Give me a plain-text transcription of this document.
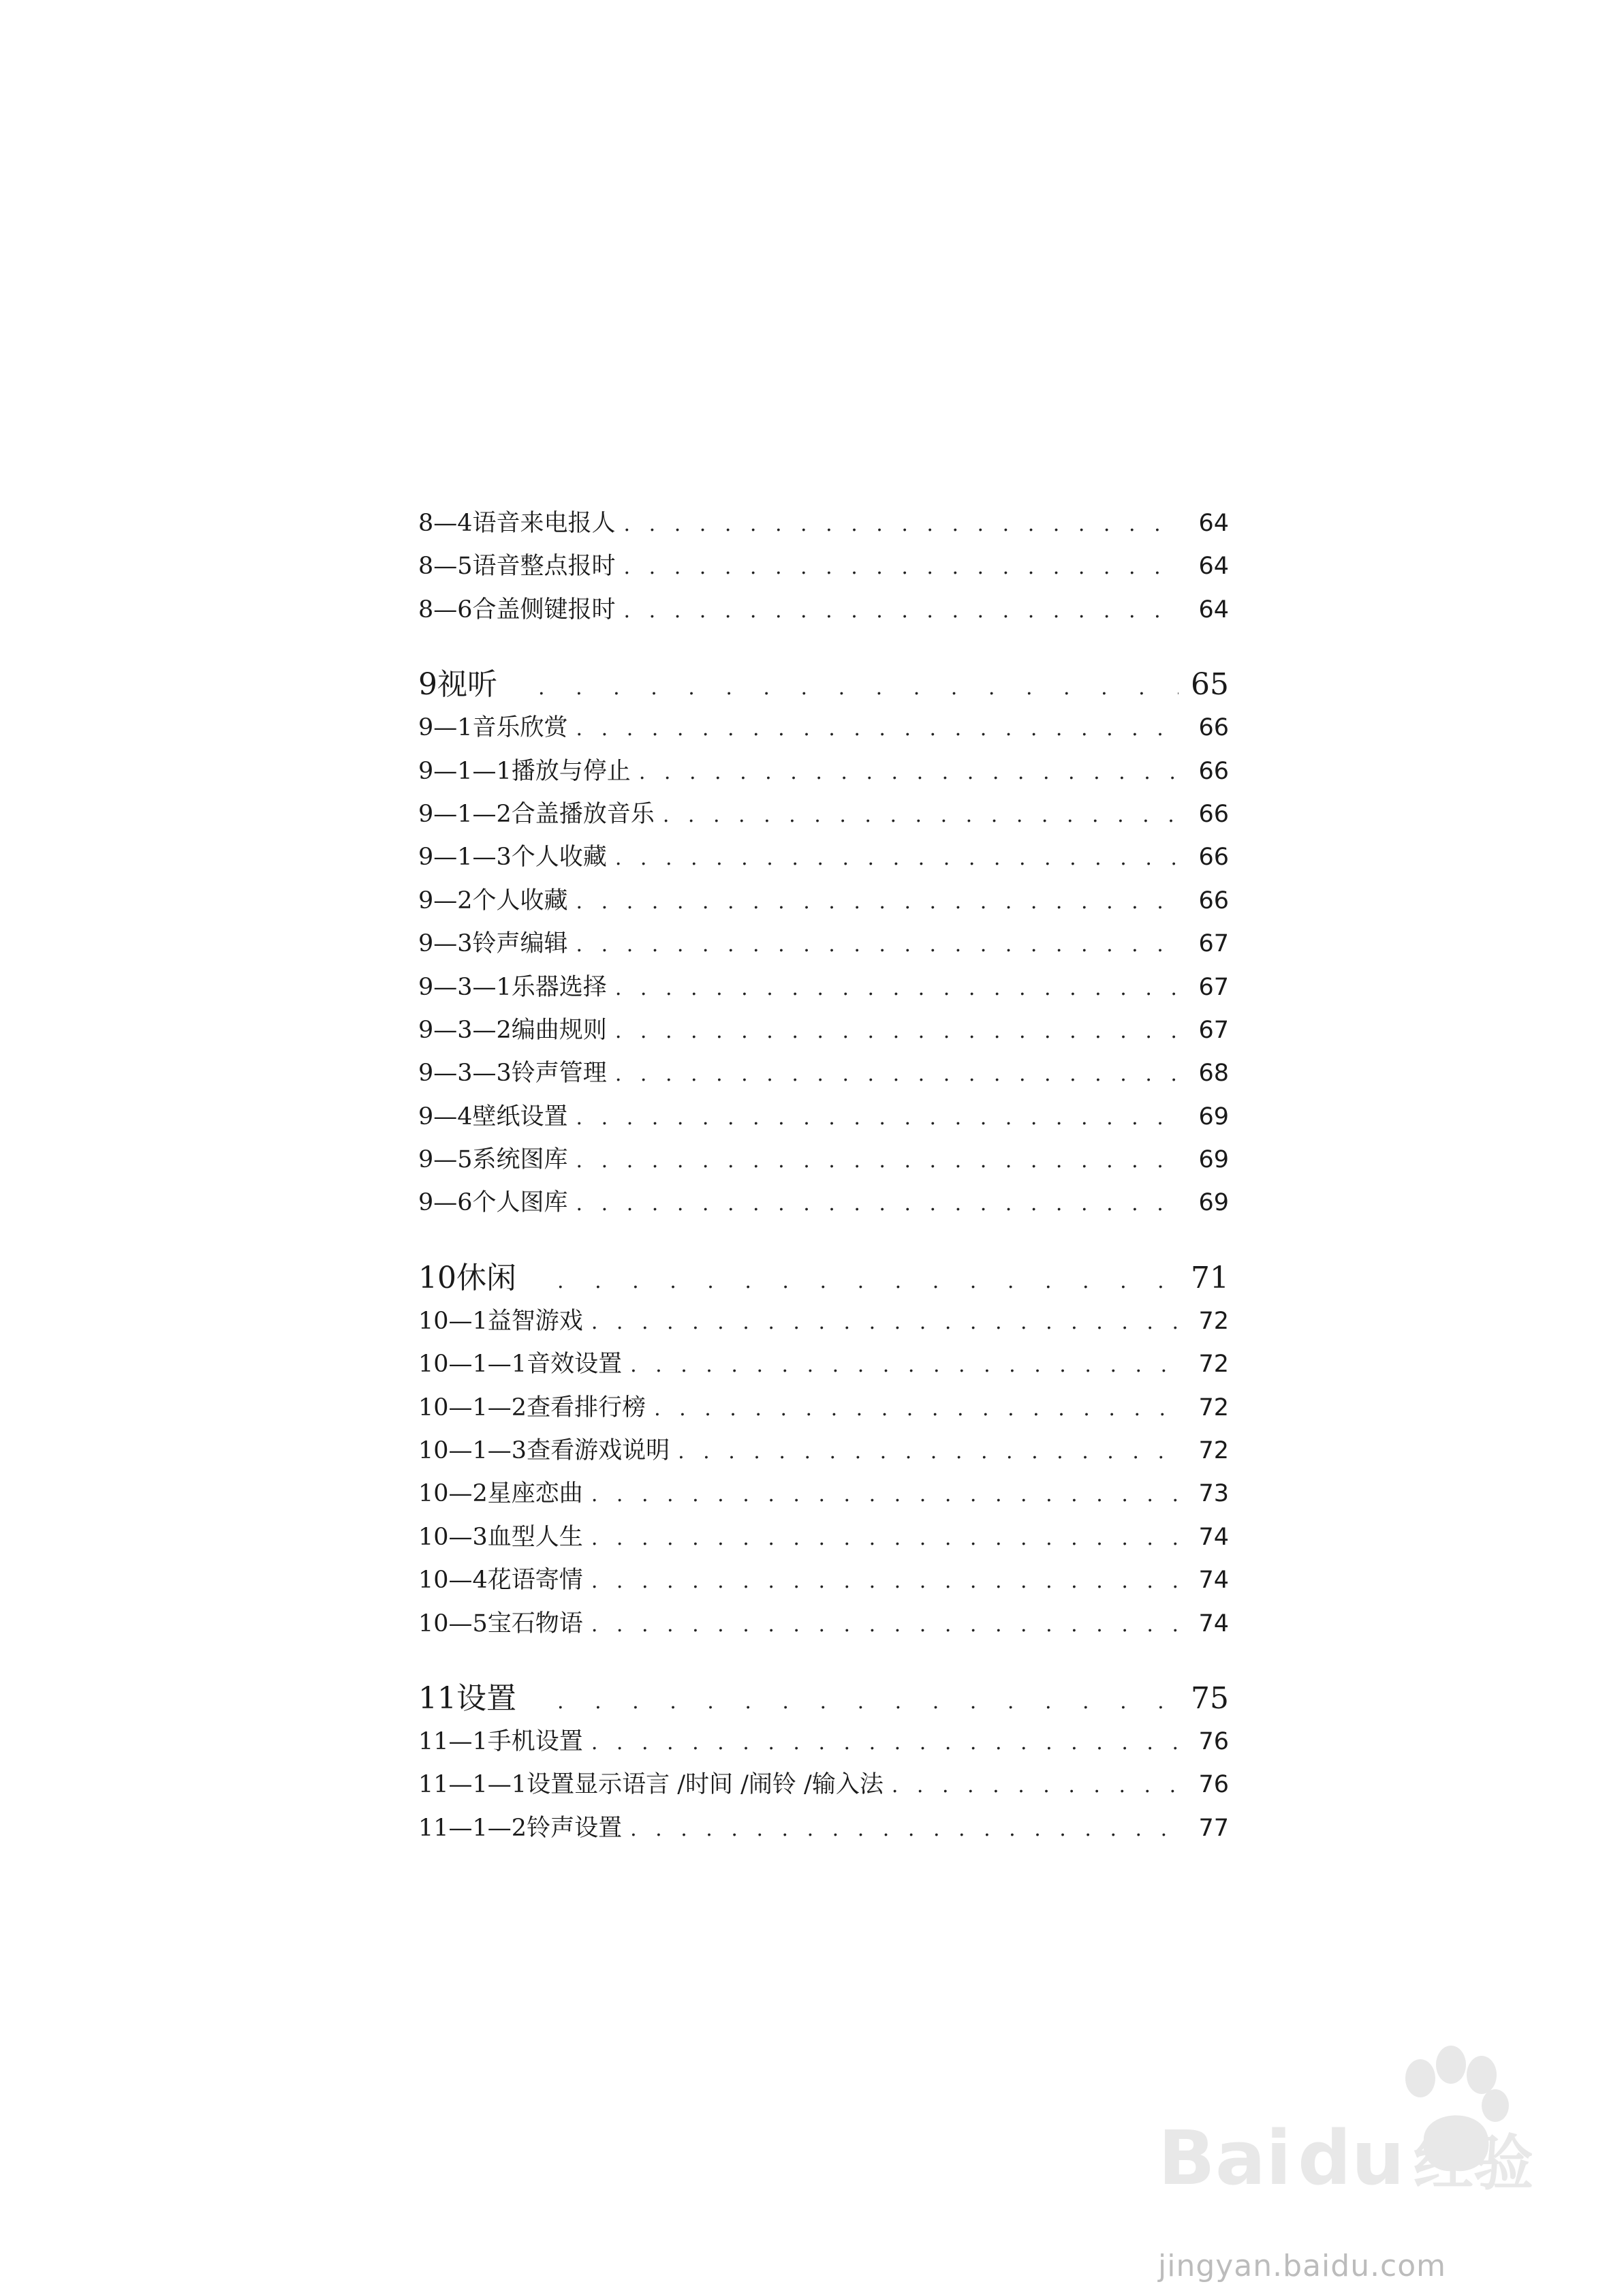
8—4语音来电报人 . . .	64
8—5语音整点报时 . . .	64
8—6合盖侧键报时 . . .	64
9视听 . . .	65
9—1音乐欣赏 . . .	66
9—1—1播放与停止 . . .	66
9—1—2合盖播放音乐 . . .	66
9—1—3个人收藏 . . .	66
9—2个人收藏 . . .	66
9—3铃声编辑 . . .	67
9—3—1乐器选择 . . .	67
9—3—2编曲规则 . . .	67
9—3—3铃声管理 . . .	68
9—4壁纸设置 . . .	69
9—5系统图库 . . .	69
9—6个人图库 . . .	69
10休闲 . . .	71
10—1益智游戏 . . .	72
10—1—1音效设置 . . .	72
10—1—2查看排行榜 . . .	72
10—1—3查看游戏说明 . . .	72
10—2星座恋曲 . . .	73
10—3血型人生 . . .	74
10—4花语寄情 . . .	74
10—5宝石物语 . . .	74
11设置 . . .	75
11—1手机设置 . . .	76
11—1—1设置显示语言 /时间 /闹铃 /输入法 . . .	76
11—1—2铃声设置 . . .	77
Bai du 经验
jingyan.baidu.com
